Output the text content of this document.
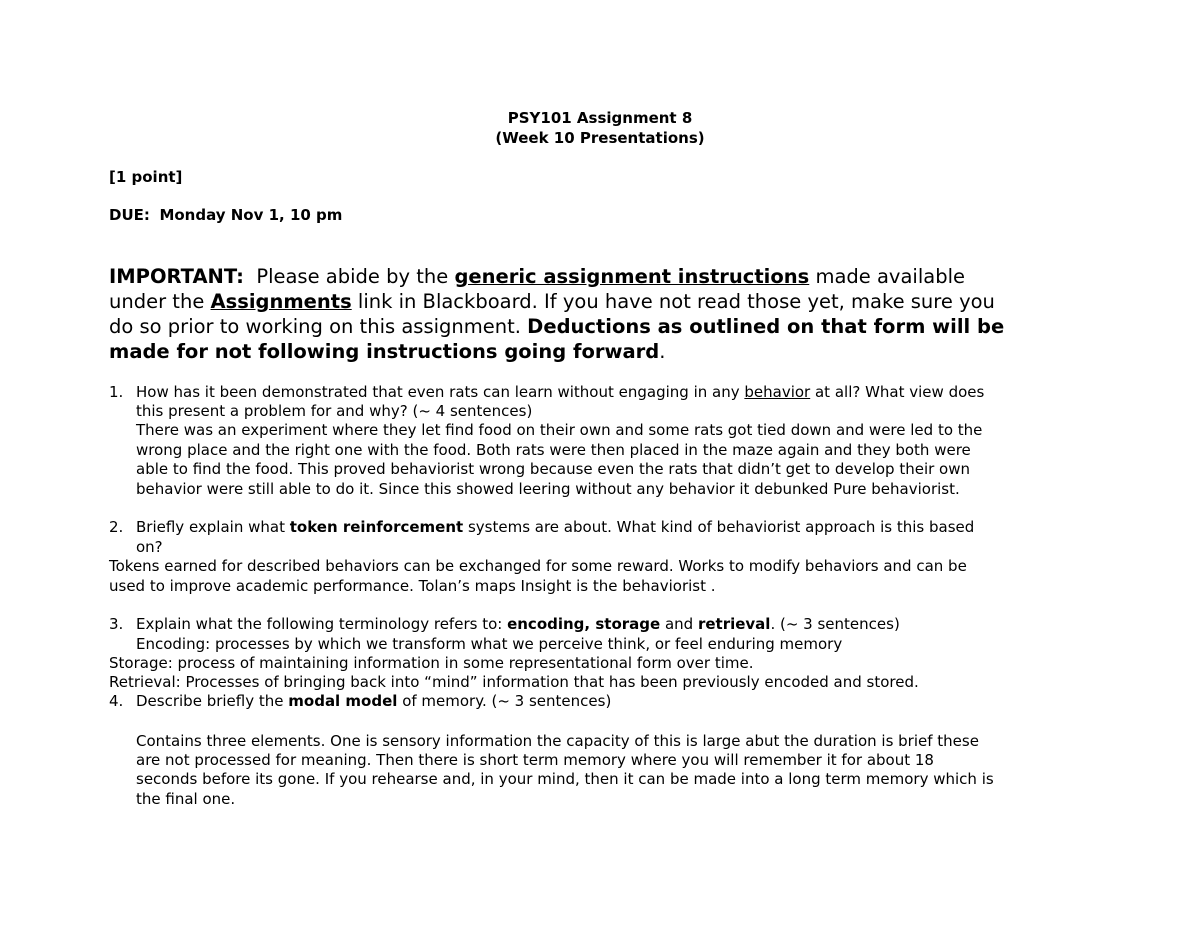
PSY101 Assignment 8
(Week 10 Presentations)
[1 point]
DUE: Monday Nov 1, 10 pm
IMPORTANT: Please abide by the generic assignment instructions made available
under the Assignments link in Blackboard. If you have not read those yet, make sure you
do so prior to working on this assignment. Deductions as outlined on that form will be
made for not following instructions going forward.
1. How has it been demonstrated that even rats can learn without engaging in any behavior at all? What view does
this present a problem for and why? (~ 4 sentences)
There was an experiment where they let find food on their own and some rats got tied down and were led to the
wrong place and the right one with the food. Both rats were then placed in the maze again and they both were
able to find the food. This proved behaviorist wrong because even the rats that didn’t get to develop their own
behavior were still able to do it. Since this showed leering without any behavior it debunked Pure behaviorist.
2. Briefly explain what token reinforcement systems are about. What kind of behaviorist approach is this based
on?
Tokens earned for described behaviors can be exchanged for some reward. Works to modify behaviors and can be
used to improve academic performance. Tolan’s maps Insight is the behaviorist .
3. Explain what the following terminology refers to: encoding, storage and retrieval. (~ 3 sentences)
Encoding: processes by which we transform what we perceive think, or feel enduring memory
Storage: process of maintaining information in some representational form over time.
Retrieval: Processes of bringing back into “mind” information that has been previously encoded and stored.
4. Describe briefly the modal model of memory. (~ 3 sentences)
Contains three elements. One is sensory information the capacity of this is large abut the duration is brief these
are not processed for meaning. Then there is short term memory where you will remember it for about 18
seconds before its gone. If you rehearse and, in your mind, then it can be made into a long term memory which is
the final one.
